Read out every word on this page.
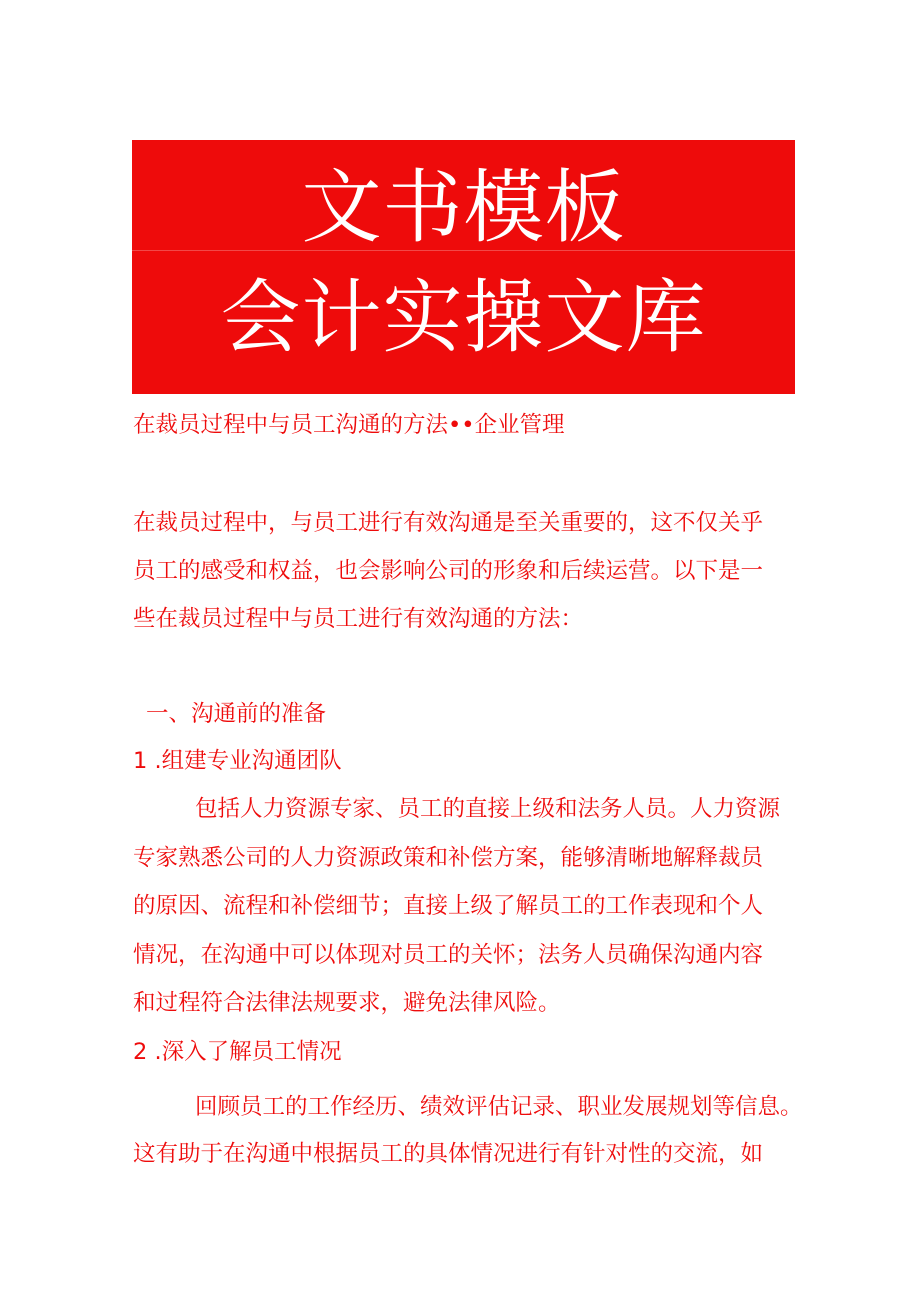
文书模板
会计实操文库
在裁员过程中与员工沟通的方法••企业管理
在裁员过程中，与员工进行有效沟通是至关重要的，这不仅关乎
员工的感受和权益，也会影响公司的形象和后续运营。以下是一
些在裁员过程中与员工进行有效沟通的方法：
一、沟通前的准备
1 .组建专业沟通团队
包括人力资源专家、员工的直接上级和法务人员。人力资源
专家熟悉公司的人力资源政策和补偿方案，能够清晰地解释裁员
的原因、流程和补偿细节；直接上级了解员工的工作表现和个人
情况，在沟通中可以体现对员工的关怀；法务人员确保沟通内容
和过程符合法律法规要求，避免法律风险。
2 .深入了解员工情况
回顾员工的工作经历、绩效评估记录、职业发展规划等信息。
这有助于在沟通中根据员工的具体情况进行有针对性的交流，如
